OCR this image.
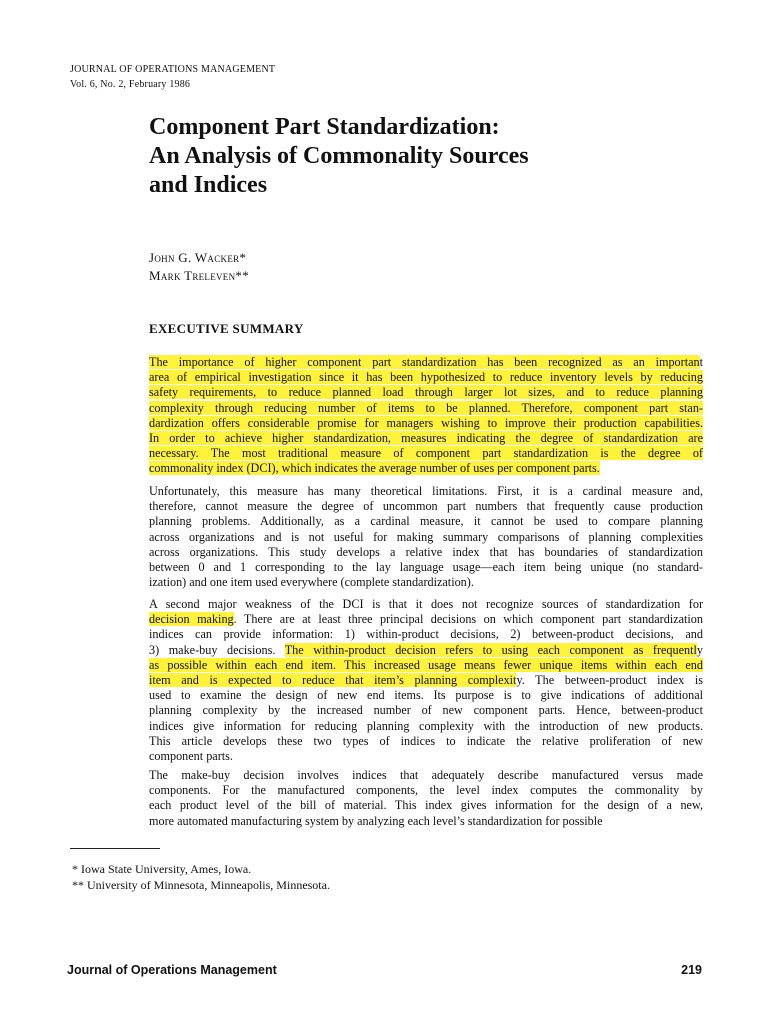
JOURNAL OF OPERATIONS MANAGEMENT
Vol. 6, No. 2, February 1986
Component Part Standardization:
An Analysis of Commonality Sources
and Indices
John G. Wacker*
Mark Treleven**
EXECUTIVE SUMMARY
The importance of higher component part standardization has been recognized as an important
area of empirical investigation since it has been hypothesized to reduce inventory levels by reducing
safety requirements, to reduce planned load through larger lot sizes, and to reduce planning
complexity through reducing number of items to be planned. Therefore, component part stan-
dardization offers considerable promise for managers wishing to improve their production capabilities.
In order to achieve higher standardization, measures indicating the degree of standardization are
necessary. The most traditional measure of component part standardization is the degree of
commonality index (DCI), which indicates the average number of uses per component parts.
Unfortunately, this measure has many theoretical limitations. First, it is a cardinal measure and,
therefore, cannot measure the degree of uncommon part numbers that frequently cause production
planning problems. Additionally, as a cardinal measure, it cannot be used to compare planning
across organizations and is not useful for making summary comparisons of planning complexities
across organizations. This study develops a relative index that has boundaries of standardization
between 0 and 1 corresponding to the lay language usage—each item being unique (no standard-
ization) and one item used everywhere (complete standardization).
A second major weakness of the DCI is that it does not recognize sources of standardization for
decision making. There are at least three principal decisions on which component part standardization
indices can provide information: 1) within-product decisions, 2) between-product decisions, and
3) make-buy decisions. The within-product decision refers to using each component as frequently
as possible within each end item. This increased usage means fewer unique items within each end
item and is expected to reduce that item’s planning complexity. The between-product index is
used to examine the design of new end items. Its purpose is to give indications of additional
planning complexity by the increased number of new component parts. Hence, between-product
indices give information for reducing planning complexity with the introduction of new products.
This article develops these two types of indices to indicate the relative proliferation of new
component parts.
The make-buy decision involves indices that adequately describe manufactured versus made
components. For the manufactured components, the level index computes the commonality by
each product level of the bill of material. This index gives information for the design of a new,
more automated manufacturing system by analyzing each level’s standardization for possible
* Iowa State University, Ames, Iowa.
** University of Minnesota, Minneapolis, Minnesota.
Journal of Operations Management	219
